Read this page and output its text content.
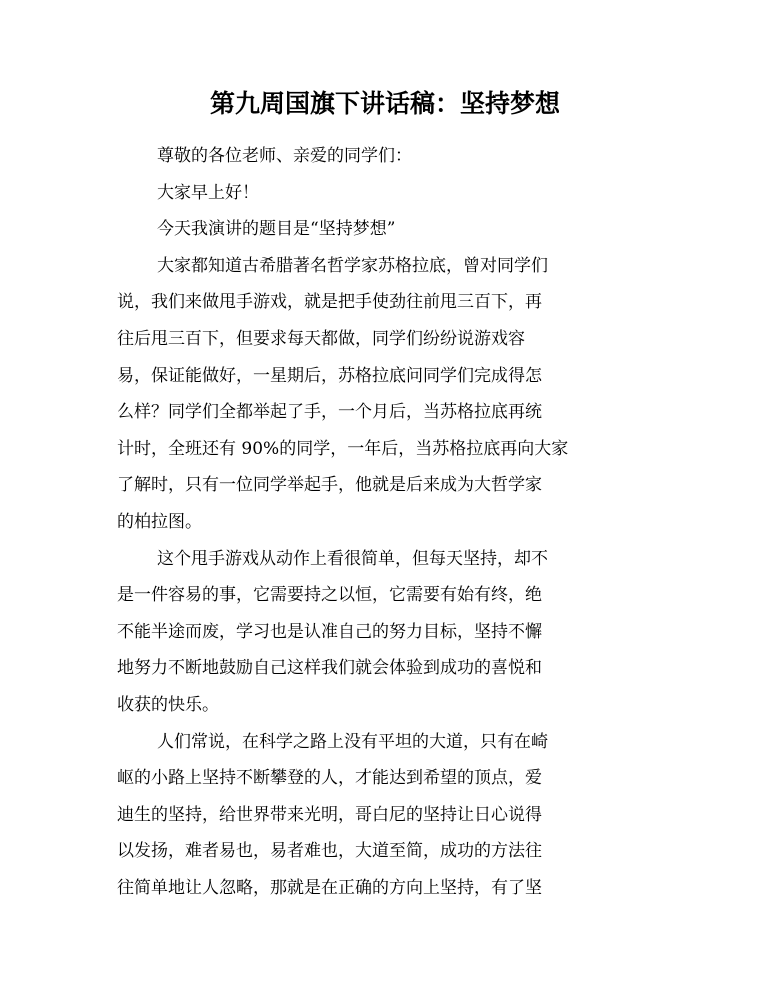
第九周国旗下讲话稿：坚持梦想
尊敬的各位老师、亲爱的同学们：
大家早上好！
今天我演讲的题目是“坚持梦想”
大家都知道古希腊著名哲学家苏格拉底，曾对同学们
说，我们来做甩手游戏，就是把手使劲往前甩三百下，再
往后甩三百下，但要求每天都做，同学们纷纷说游戏容
易，保证能做好，一星期后，苏格拉底问同学们完成得怎
么样？同学们全都举起了手，一个月后，当苏格拉底再统
计时，全班还有 90%的同学，一年后，当苏格拉底再向大家
了解时，只有一位同学举起手，他就是后来成为大哲学家
的柏拉图。
这个甩手游戏从动作上看很简单，但每天坚持，却不
是一件容易的事，它需要持之以恒，它需要有始有终，绝
不能半途而废，学习也是认准自己的努力目标，坚持不懈
地努力不断地鼓励自己这样我们就会体验到成功的喜悦和
收获的快乐。
人们常说，在科学之路上没有平坦的大道，只有在崎
岖的小路上坚持不断攀登的人，才能达到希望的顶点，爱
迪生的坚持，给世界带来光明，哥白尼的坚持让日心说得
以发扬，难者易也，易者难也，大道至简，成功的方法往
往简单地让人忽略，那就是在正确的方向上坚持，有了坚
